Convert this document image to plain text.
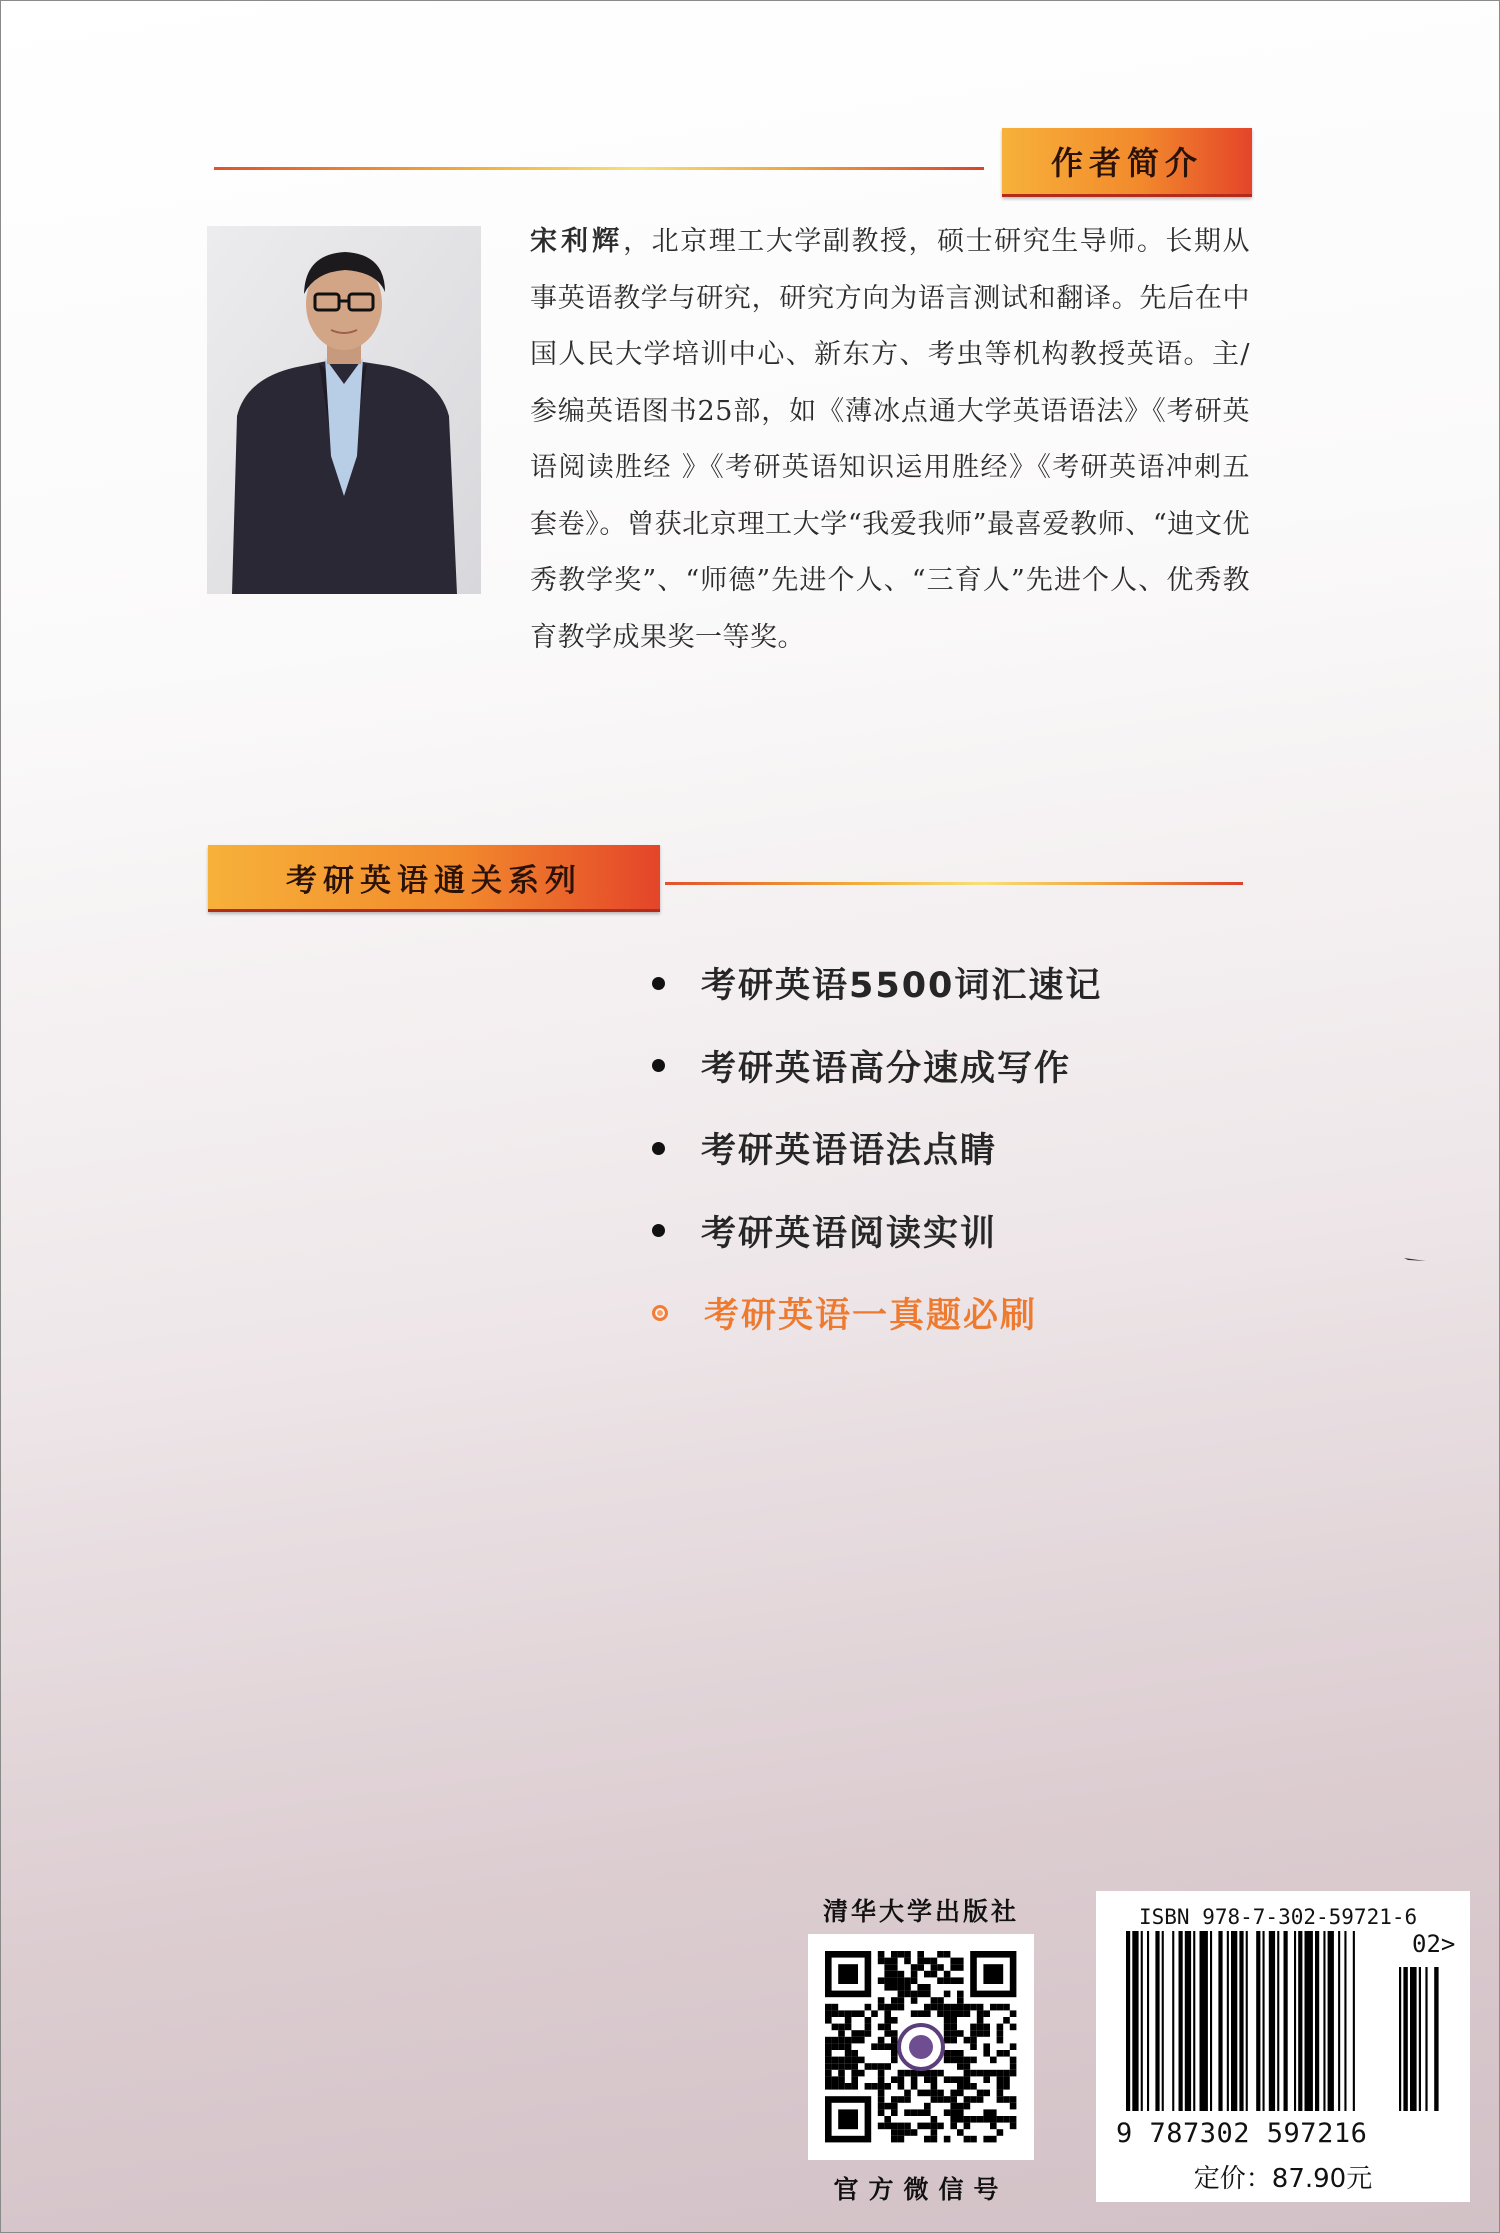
作者简介
宋利辉，北京理工大学副教授，硕士研究生导师。长期从事英语教学与研究，研究方向为语言测试和翻译。先后在中国人民大学培训中心、新东方、考虫等机构教授英语。主/参编英语图书25部，如《薄冰点通大学英语语法》《考研英语阅读胜经 》《考研英语知识运用胜经》《考研英语冲刺五套卷》。曾获北京理工大学“我爱我师”最喜爱教师、“迪文优秀教学奖”、“师德”先进个人、“三育人”先进个人、优秀教育教学成果奖一等奖。
考研英语通关系列
考研英语5500词汇速记
考研英语高分速成写作
考研英语语法点睛
考研英语阅读实训
考研英语一真题必刷
清华大学出版社
官方微信号
ISBN 978-7-302-59721-6
02>
9 787302 597216
定价：87.90元
